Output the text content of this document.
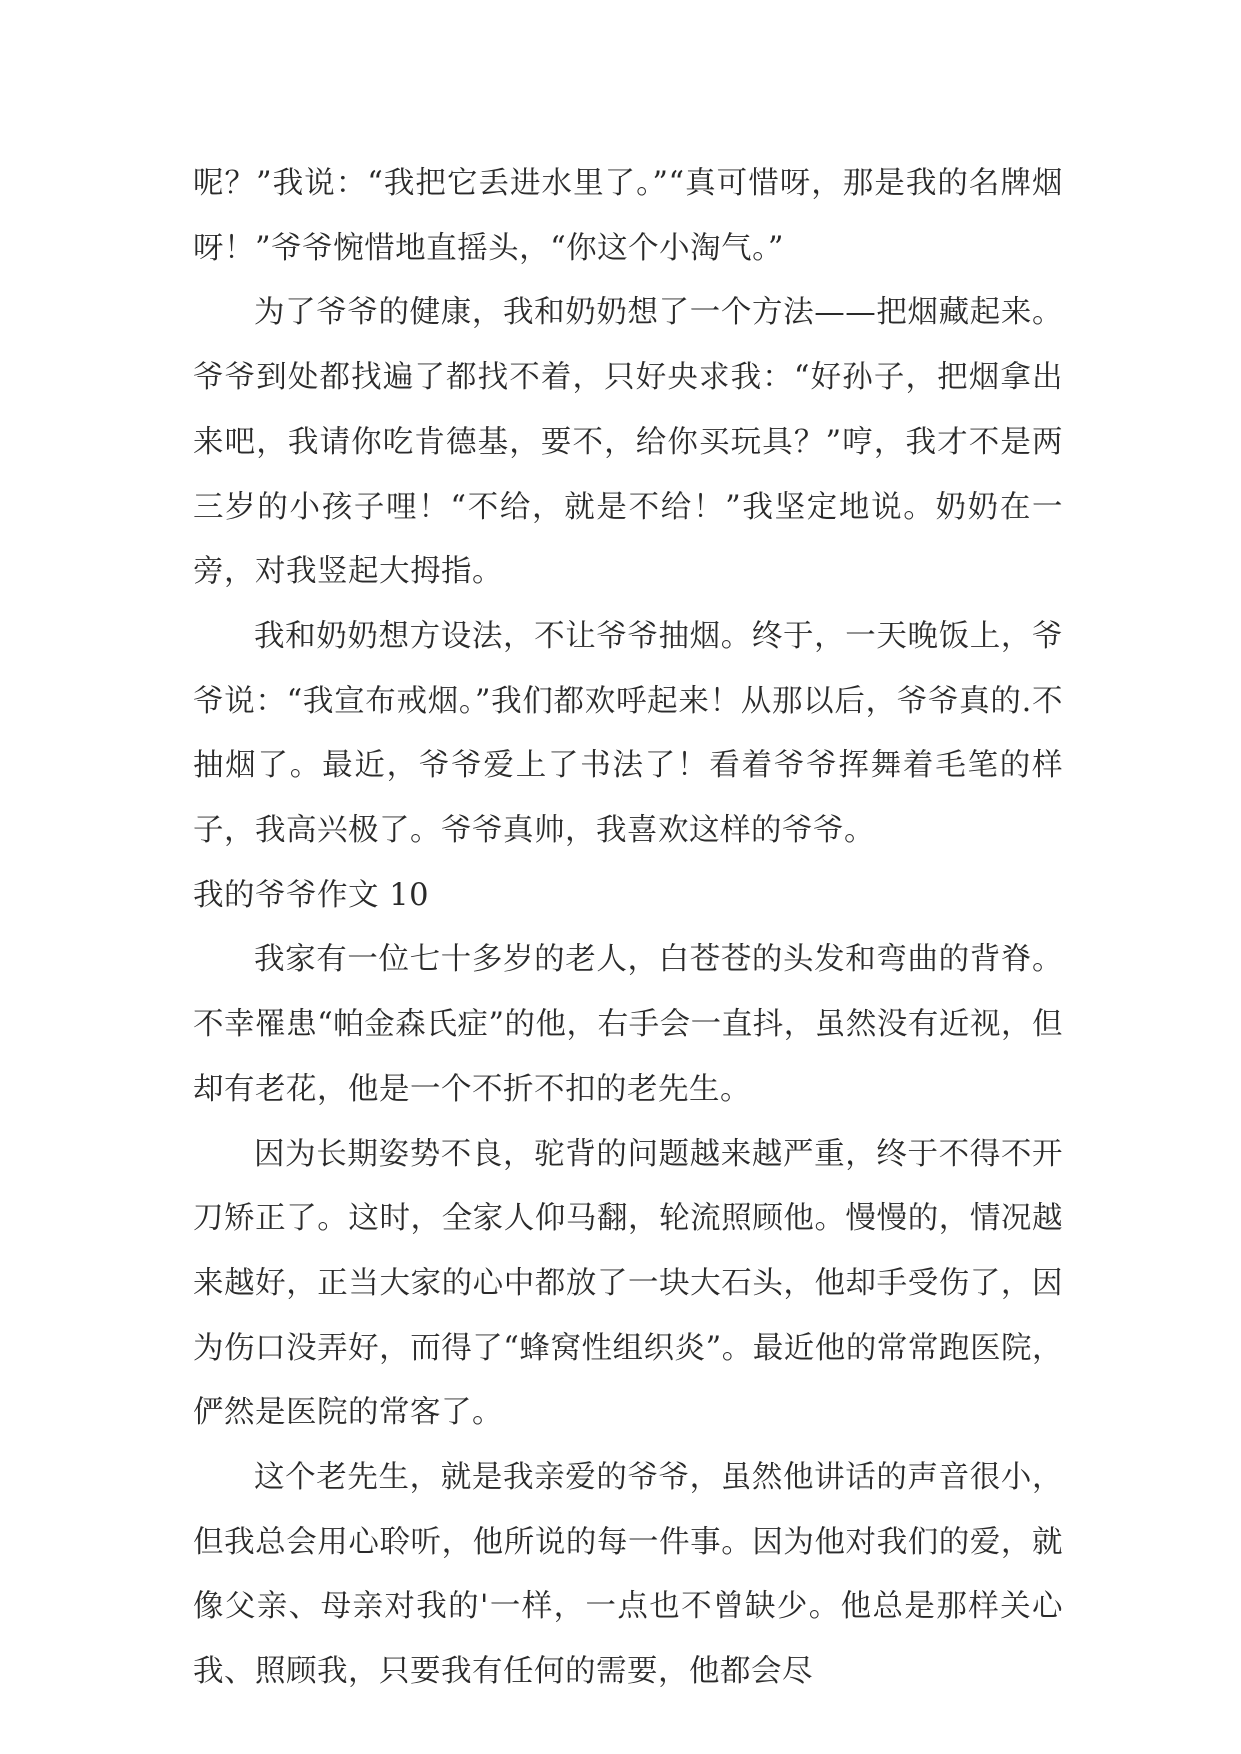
呢？”我说：“我把它丢进水里了。”“真可惜呀，那是我的名牌烟呀！”爷爷惋惜地直摇头，“你这个小淘气。”

为了爷爷的健康，我和奶奶想了一个方法——把烟藏起来。爷爷到处都找遍了都找不着，只好央求我：“好孙子，把烟拿出来吧，我请你吃肯德基，要不，给你买玩具？”哼，我才不是两三岁的小孩子哩！“不给，就是不给！”我坚定地说。奶奶在一旁，对我竖起大拇指。

我和奶奶想方设法，不让爷爷抽烟。终于，一天晚饭上，爷爷说：“我宣布戒烟。”我们都欢呼起来！从那以后，爷爷真的.不抽烟了。最近，爷爷爱上了书法了！看着爷爷挥舞着毛笔的样子，我高兴极了。爷爷真帅，我喜欢这样的爷爷。

我的爷爷作文 10

我家有一位七十多岁的老人，白苍苍的头发和弯曲的背脊。不幸罹患“帕金森氏症”的他，右手会一直抖，虽然没有近视，但却有老花，他是一个不折不扣的老先生。

因为长期姿势不良，驼背的问题越来越严重，终于不得不开刀矫正了。这时，全家人仰马翻，轮流照顾他。慢慢的，情况越来越好，正当大家的心中都放了一块大石头，他却手受伤了，因为伤口没弄好，而得了“蜂窝性组织炎”。最近他的常常跑医院，俨然是医院的常客了。

这个老先生，就是我亲爱的爷爷，虽然他讲话的声音很小，但我总会用心聆听，他所说的每一件事。因为他对我们的爱，就像父亲、母亲对我的'一样，一点也不曾缺少。他总是那样关心我、照顾我，只要我有任何的需要，他都会尽
